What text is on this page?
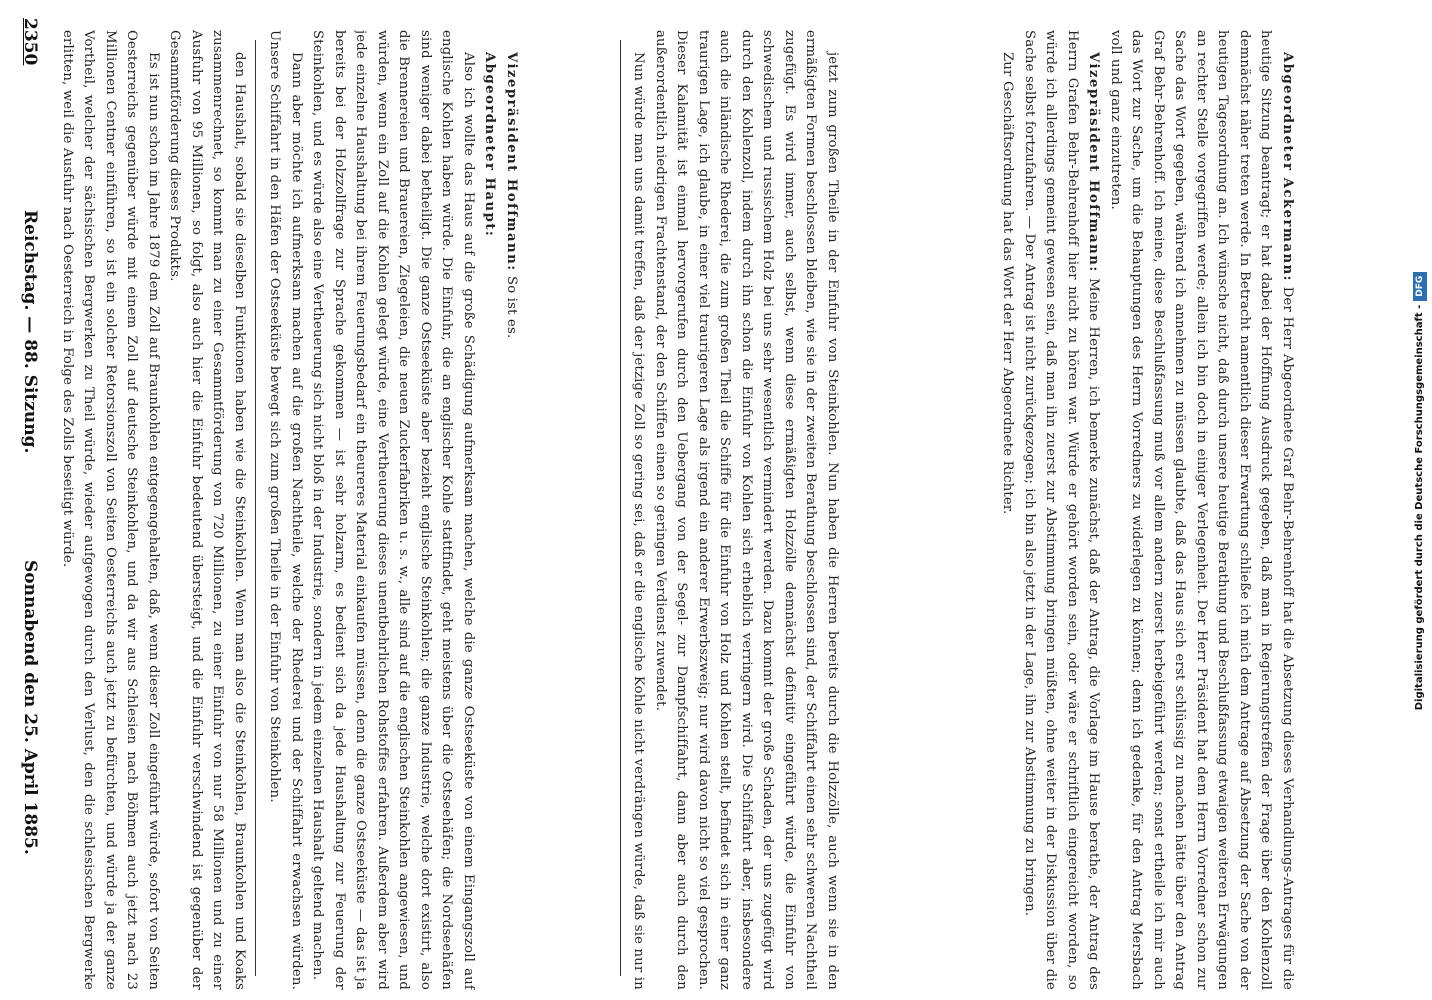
2350
Reichstag. — 88. Sitzung.
Sonnabend den 25. April 1885.	den Haushalt, sobald sie dieselben Funktionen haben wie die Steinkohlen. Wenn man also die Steinkohlen, Braunkohlen und Koaks zusammenrechnet, so kommt man zu einer Gesammtförderung von 720 Millionen, zu einer Einfuhr von nur 58 Millionen und zu einer Ausfuhr von 95 Millionen, so folgt, also auch hier die Einfuhr bedeutend übersteigt, und die Einfuhr verschwindend ist gegenüber der Gesammtförderung dieses Produkts.

Es ist nun schon im Jahre 1879 dem Zoll auf Braunkohlen entgegengehalten, daß, wenn dieser Zoll eingeführt würde, sofort von Seiten Oesterreichs gegenüber würde mit einem Zoll auf deutsche Steinkohlen, und da wir aus Schlesien nach Böhmen auch jetzt nach 23 Millionen Centner einführen, so ist ein solcher Retorsionszoll von Seiten Oesterreichs auch jetzt zu befürchten, und würde ja der ganze Vortheil, welcher der sächsischen Bergwerken zu Theil würde, wieder aufgewogen durch den Verlust, den die schlesischen Bergwerke erlitten, weil die Ausfuhr nach Oesterreich in Folge des Zolls beseitigt würde.	Vizepräsident Hoffmann: So ist es.

Abgeordneter Haupt:

Also ich wollte das Haus auf die große Schädigung aufmerksam machen, welche die ganze Ostseeküste von einem Eingangszoll auf englische Kohlen haben würde. Die Einfuhr, die an englischer Kohle stattfindet, geht meistens über die Ostseehäfen; die Nordseehäfen sind weniger dabei betheiligt. Die ganze Ostseeküste aber bezieht englische Steinkohlen; die ganze Industrie, welche dort existirt, also die Brennereien und Brauereien, Ziegeleien, die neuen Zuckerfabriken u. s. w., alle sind auf die englischen Steinkohlen angewiesen, und würden, wenn ein Zoll auf die Kohlen gelegt würde, eine Vertheuerung dieses unentbehrlichen Rohstoffes erfahren. Außerdem aber wird jede einzelne Haushaltung bei ihrem Feuerungsbedarf ein theureres Material einkaufen müssen, denn die ganze Ostseeküste — das ist ja bereits bei der Holzzollfrage zur Sprache gekommen — ist sehr holzarm, es bedient sich da jede Haushaltung zur Feuerung der Steinkohlen, und es würde also eine Vertheuerung sich nicht bloß in der Industrie, sondern in jedem einzelnen Haushalt geltend machen.

Dann aber möchte ich aufmerksam machen auf die großen Nachtheile, welche der Rhederei und der Schiffahrt erwachsen würden. Unsere Schiffahrt in den Häfen der Ostseeküste bewegt sich zum großen Theile in der Einfuhr von Steinkohlen.	jetzt zum großen Theile in der Einfuhr von Steinkohlen. Nun haben die Herren bereits durch die Holzzölle, auch wenn sie in den ermäßigten Formen beschlossen bleiben, wie sie in der zweiten Berathung beschlossen sind, der Schiffahrt einen sehr schweren Nachtheil zugefügt. Es wird immer, auch selbst, wenn diese ermäßigten Holzzölle demnächst definitiv eingeführt würde, die Einfuhr von schwedischem und russischem Holz bei uns sehr wesentlich vermindert werden. Dazu kommt der große Schaden, der uns zugefügt wird durch den Kohlenzoll, indem durch ihn schon die Einfuhr von Kohlen sich erheblich verringern wird. Die Schiffahrt aber, insbesondere auch die inländische Rhederei, die zum großen Theil die Schiffe für die Einfuhr von Holz und Kohlen stellt, befindet sich in einer ganz traurigen Lage, ich glaube, in einer viel traurigeren Lage als irgend ein anderer Erwerbszweig; nur wird davon nicht so viel gesprochen. Dieser Kalamität ist einmal hervorgerufen durch den Uebergang von der Segel- zur Dampfschiffahrt, dann aber auch durch den außerordentlich niedrigen Frachtenstand, der den Schiffen einen so geringen Verdienst zuwendet.

Nun würde man uns damit treffen, daß der jetzige Zoll so gering sei, daß er die englische Kohle nicht verdrängen würde, daß sie nur in

Abgeordneter Ackermann: Der Herr Abgeordnete Graf Behr-Behrenhoff hat die Absetzung dieses Verhandlungs-Antrages für die heutige Sitzung beantragt; er hat dabei der Hoffnung Ausdruck gegeben, daß man in Regierungstreffen der Frage über den Kohlenzoll demnächst näher treten werde. In Betracht namentlich dieser Erwartung schließe ich mich dem Antrage auf Absetzung der Sache von der heutigen Tagesordnung an. Ich wünsche nicht, daß durch unsere heutige Berathung und Beschlußfassung etwaigen weiteren Erwägungen an rechter Stelle vorgegriffen werde; allein ich bin doch in einiger Verlegenheit. Der Herr Präsident hat dem Herrn Vorredner schon zur Sache das Wort gegeben, während ich annehmen zu müssen glaubte, daß das Haus sich erst schlüssig zu machen hätte über den Antrag Graf Behr-Behrenhoff. Ich meine, diese Beschlußfassung muß vor allem andern zuerst herbeigeführt werden; sonst ertheile ich mir auch das Wort zur Sache, um die Behauptungen des Herrn Vorredners zu widerlegen zu können; denn ich gedenke, für den Antrag Mersbach voll und ganz einzutreten.

Vizepräsident Hoffmann: Meine Herren, ich bemerke zunächst, daß der Antrag, die Vorlage im Hause berathe, der Antrag des Herrn Grafen Behr-Behrenhoff hier nicht zu hören war. Würde er gehört worden sein, oder wäre er schriftlich eingereicht worden, so würde ich allerdings gemeint gewesen sein, daß man ihn zuerst zur Abstimmung bringen müßten, ohne weiter in der Diskussion über die Sache selbst fortzufahren. — Der Antrag ist nicht zurückgezogen; ich bin also jetzt in der Lage, ihn zur Abstimmung zu bringen.

Zur Geschäftsordnung hat das Wort der Herr Abgeordnete Richter.	Digitalisierung gefördert durch die Deutsche Forschungsgemeinschaft -DFG
